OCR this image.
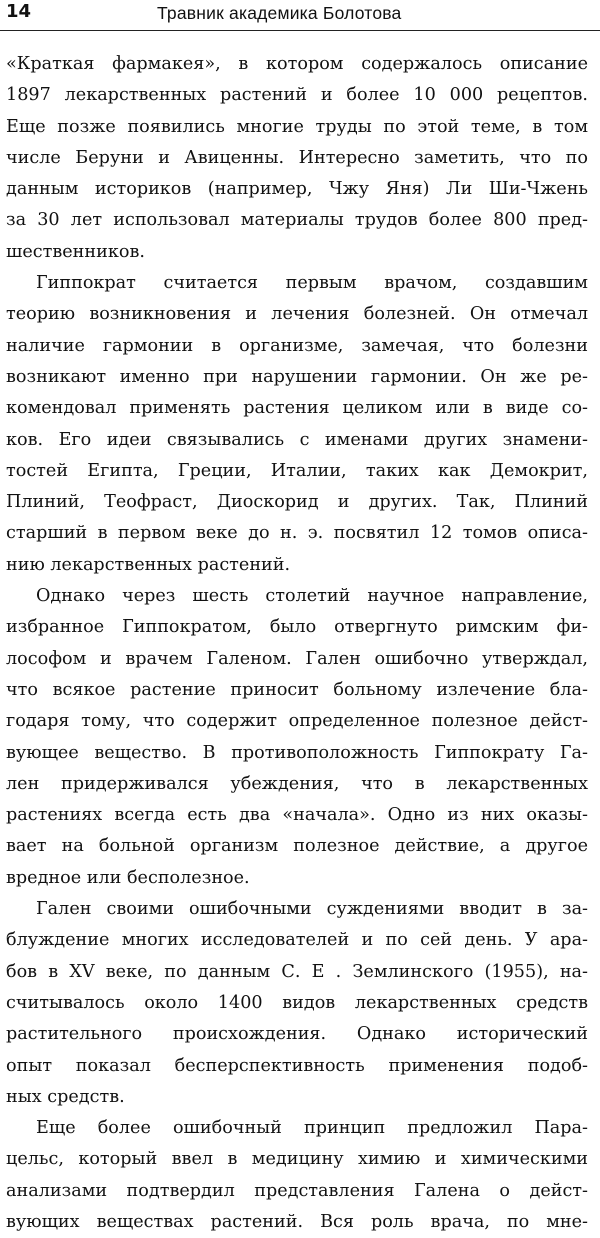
14	Травник академика Болотова
«Краткая фармакея», в котором содержалось описание
1897 лекарственных растений и более 10 000 рецептов.
Еще позже появились многие труды по этой теме, в том
числе Беруни и Авиценны. Интересно заметить, что по
данным историков (например, Чжу Яня) Ли Ши-Чжень
за 30 лет использовал материалы трудов более 800 пред-
шественников.
Гиппократ считается первым врачом, создавшим
теорию возникновения и лечения болезней. Он отмечал
наличие гармонии в организме, замечая, что болезни
возникают именно при нарушении гармонии. Он же ре-
комендовал применять растения целиком или в виде со-
ков. Его идеи связывались с именами других знамени-
тостей Египта, Греции, Италии, таких как Демокрит,
Плиний, Теофраст, Диоскорид и других. Так, Плиний
старший в первом веке до н. э. посвятил 12 томов описа-
нию лекарственных растений.
Однако через шесть столетий научное направление,
избранное Гиппократом, было отвергнуто римским фи-
лософом и врачем Галеном. Гален ошибочно утверждал,
что всякое растение приносит больному излечение бла-
годаря тому, что содержит определенное полезное дейст-
вующее вещество. В противоположность Гиппократу Га-
лен придерживался убеждения, что в лекарственных
растениях всегда есть два «начала». Одно из них оказы-
вает на больной организм полезное действие, а другое
вредное или бесполезное.
Гален своими ошибочными суждениями вводит в за-
блуждение многих исследователей и по сей день. У ара-
бов в XV веке, по данным С. Е . Землинского (1955), на-
считывалось около 1400 видов лекарственных средств
растительного происхождения. Однако исторический
опыт показал бесперспективность применения подоб-
ных средств.
Еще более ошибочный принцип предложил Пара-
цельс, который ввел в медицину химию и химическими
анализами подтвердил представления Галена о дейст-
вующих веществах растений. Вся роль врача, по мне-
